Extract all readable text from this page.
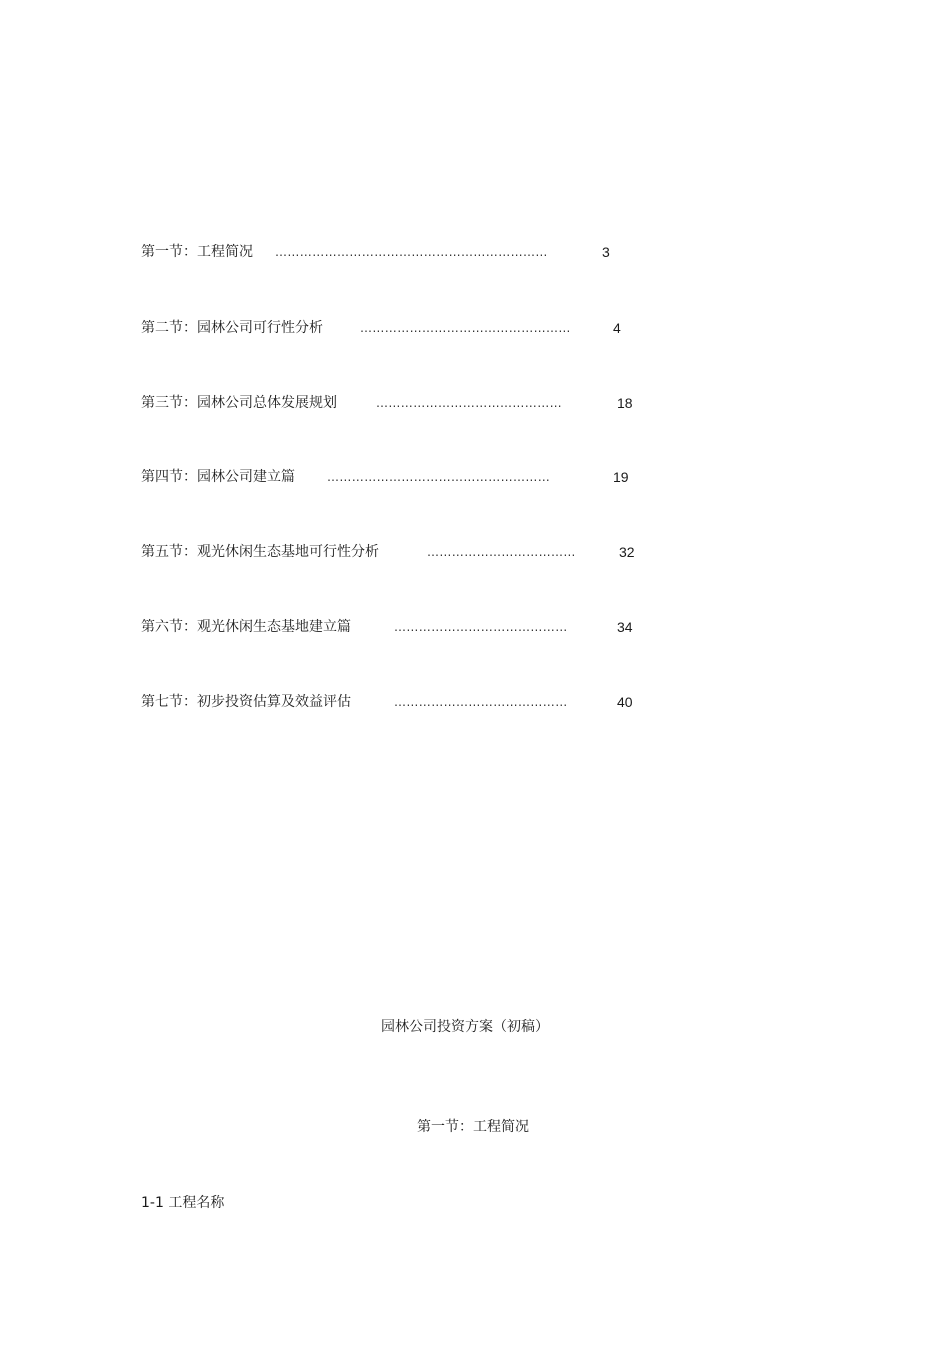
第一节：工程简况 …………………………………………………………	3
第二节：园林公司可行性分析	……………………………………………	4
第三节：园林公司总体发展规划	………………………………………	18
第四节：园林公司建立篇	………………………………………………	19
第五节：观光休闲生态基地可行性分析	………………………………	32
第六节：观光休闲生态基地建立篇	……………………………………	34
第七节：初步投资估算及效益评估	……………………………………	40
园林公司投资方案（初稿）
第一节：工程简况
1-1 工程名称
